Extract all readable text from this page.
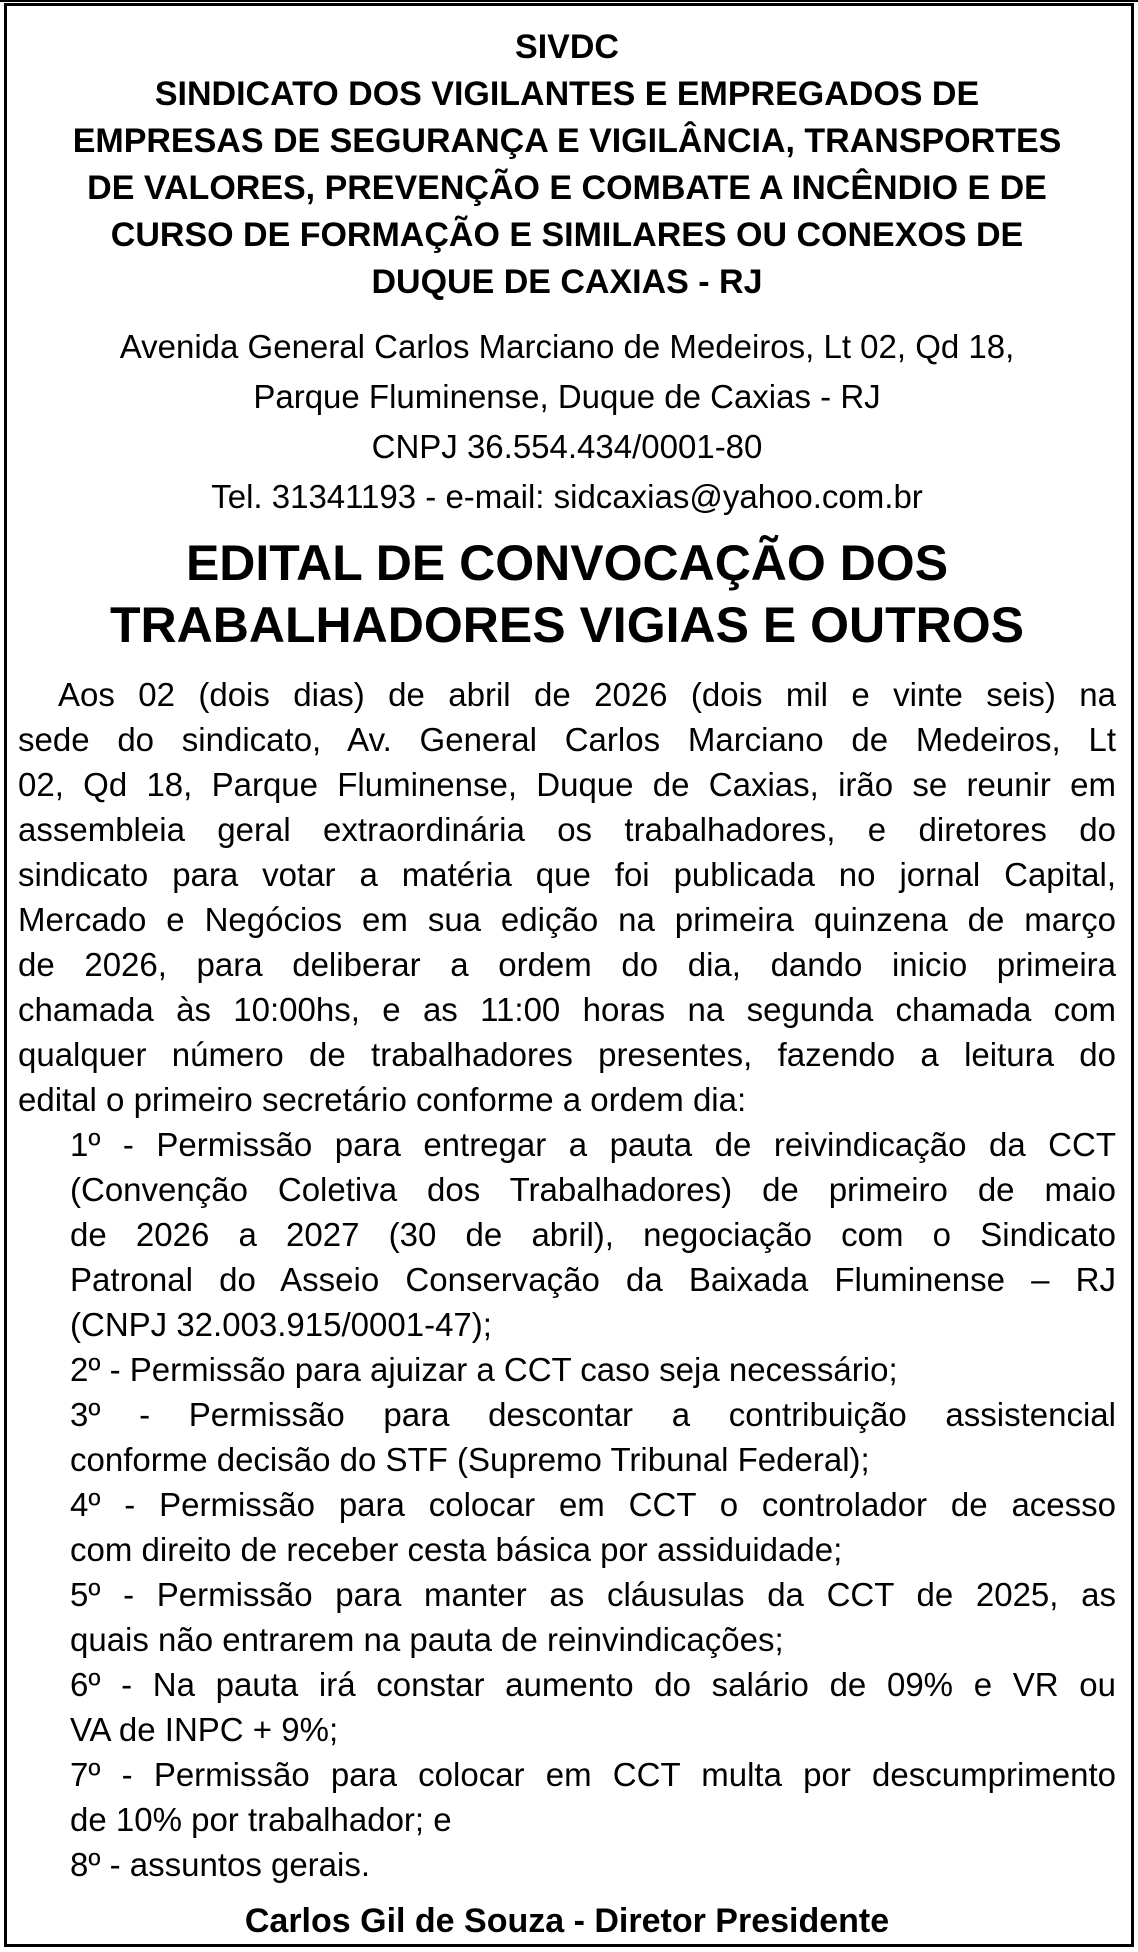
SIVDC
SINDICATO DOS VIGILANTES E EMPREGADOS DE
EMPRESAS DE SEGURANÇA E VIGILÂNCIA, TRANSPORTES
DE VALORES, PREVENÇÃO E COMBATE A INCÊNDIO E DE
CURSO DE FORMAÇÃO E SIMILARES OU CONEXOS DE
DUQUE DE CAXIAS - RJ
Avenida General Carlos Marciano de Medeiros, Lt 02, Qd 18,
Parque Fluminense, Duque de Caxias - RJ
CNPJ 36.554.434/0001-80
Tel. 31341193 - e-mail: sidcaxias@yahoo.com.br
EDITAL DE CONVOCAÇÃO DOS
TRABALHADORES VIGIAS E OUTROS
Aos 02 (dois dias) de abril de 2026 (dois mil e vinte seis) na
sede do sindicato, Av. General Carlos Marciano de Medeiros, Lt
02, Qd 18, Parque Fluminense, Duque de Caxias, irão se reunir em
assembleia geral extraordinária os trabalhadores, e diretores do
sindicato para votar a matéria que foi publicada no jornal Capital,
Mercado e Negócios em sua edição na primeira quinzena de março
de 2026, para deliberar a ordem do dia, dando inicio primeira
chamada às 10:00hs, e as 11:00 horas na segunda chamada com
qualquer número de trabalhadores presentes, fazendo a leitura do
edital o primeiro secretário conforme a ordem dia:
1º - Permissão para entregar a pauta de reivindicação da CCT
(Convenção Coletiva dos Trabalhadores) de primeiro de maio
de 2026 a 2027 (30 de abril), negociação com o Sindicato
Patronal do Asseio Conservação da Baixada Fluminense – RJ
(CNPJ 32.003.915/0001-47);
2º - Permissão para ajuizar a CCT caso seja necessário;
3º - Permissão para descontar a contribuição assistencial
conforme decisão do STF (Supremo Tribunal Federal);
4º - Permissão para colocar em CCT o controlador de acesso
com direito de receber cesta básica por assiduidade;
5º - Permissão para manter as cláusulas da CCT de 2025, as
quais não entrarem na pauta de reinvindicações;
6º - Na pauta irá constar aumento do salário de 09% e VR ou
VA de INPC + 9%;
7º - Permissão para colocar em CCT multa por descumprimento
de 10% por trabalhador; e
8º - assuntos gerais.
Carlos Gil de Souza - Diretor Presidente
